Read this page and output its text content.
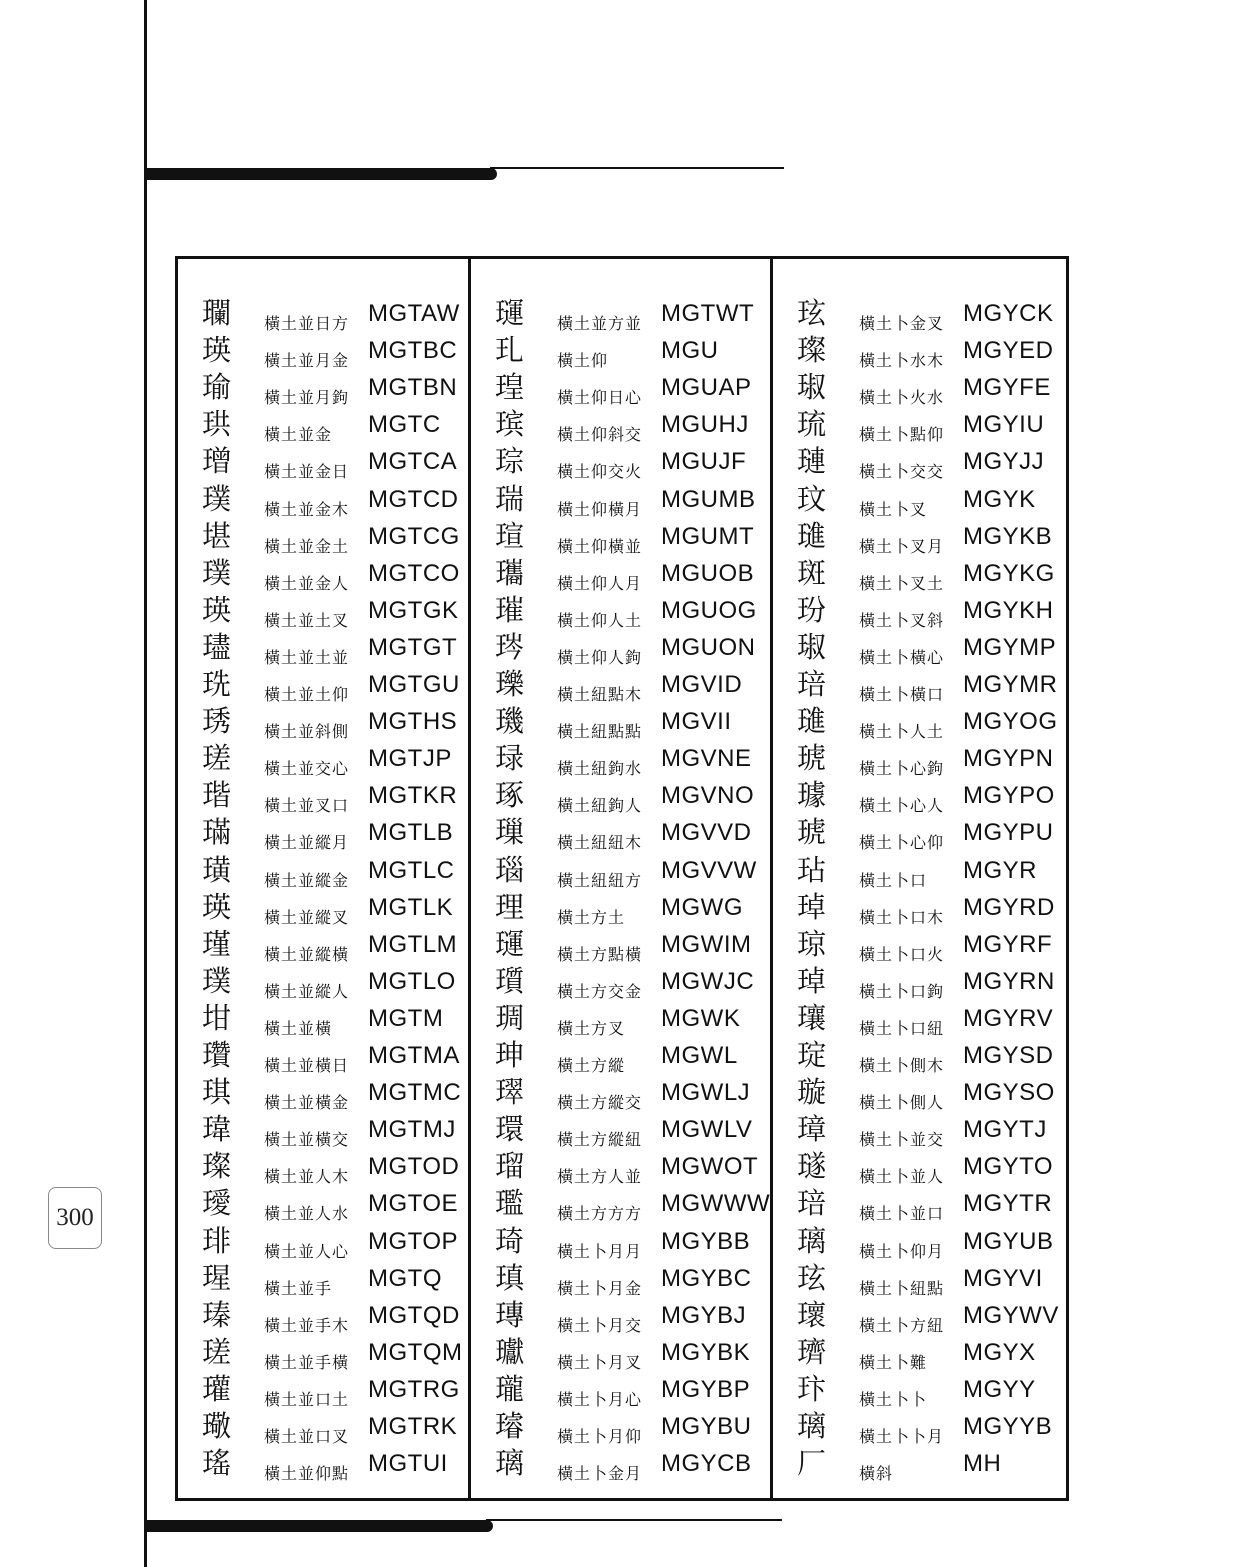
300
瓓 橫土並日方 MGTAW
瑛 橫土並月金 MGTBC
瑜 橫土並月鉤 MGTBN
珙 橫土並金 MGTC
璔 橫土並金日 MGTCA
璞 橫土並金木 MGTCD
堪 橫土並金土 MGTCG
璞 橫土並金人 MGTCO
瑛 橫土並土叉 MGTGK
璶 橫土並土並 MGTGT
珗 橫土並土仰 MGTGU
琇 橫土並斜側 MGTHS
瑳 橫土並交心 MGTJP
瑎 橫土並叉口 MGTKR
璊 橫土並縱月 MGTLB
璜 橫土並縱金 MGTLC
瑛 橫土並縱叉 MGTLK
瑾 橫土並縱橫 MGTLM
璞 橫土並縱人 MGTLO
坩 橫土並橫 MGTM
瓚 橫土並橫日 MGTMA
琪 橫土並橫金 MGTMC
瑋 橫土並橫交 MGTMJ
璨 橫土並人木 MGTOD
璦 橫土並人水 MGTOE
琲 橫土並人心 MGTOP
瑆 橫土並手 MGTQ
瑧 橫土並手木 MGTQD
瑳 橫土並手橫 MGTQM
瓘 橫土並口土 MGTRG
璥 橫土並口叉 MGTRK
瑤 橫土並仰點 MGTUI
璭 橫土並方並 MGTWT
玌 橫土仰 MGU
瑝 橫土仰日心 MGUAP
瑸 橫土仰斜交 MGUHJ
琮 橫土仰交火 MGUJF
瑞 橫土仰橫月 MGUMB
瑄 橫土仰橫並 MGUMT
瓗 橫土仰人月 MGUOB
璀 橫土仰人土 MGUOG
琌 橫土仰人鉤 MGUON
瓅 橫土紐點木 MGVID
璣 橫土紐點點 MGVII
琭 橫土紐鉤水 MGVNE
琢 橫土紐鉤人 MGVNO
璅 橫土紐紐木 MGVVD
瑙 橫土紐紐方 MGVVW
理 橫土方土 MGWG
璭 橫土方點橫 MGWIM
瓆 橫土方交金 MGWJC
琱 橫土方叉 MGWK
珅 橫土方縱 MGWL
璻 橫土方縱交 MGWLJ
環 橫土方縱紐 MGWLV
瑠 橫土方人並 MGWOT
璼 橫土方方方 MGWWW
琦 橫土卜月月 MGYBB
瑱 橫土卜月金 MGYBC
瑼 橫土卜月交 MGYBJ
瓛 橫土卜月叉 MGYBK
瓏 橫土卜月心 MGYBP
璿 橫土卜月仰 MGYBU
璃 橫土卜金月 MGYCB
玹 橫土卜金叉 MGYCK
璨 橫土卜水木 MGYED
琡 橫土卜火水 MGYFE
琉 橫土卜點仰 MGYIU
璉 橫土卜交交 MGYJJ
玟 橫土卜叉 MGYK
璡 橫土卜叉月 MGYKB
斑 橫土卜叉土 MGYKG
玢 橫土卜叉斜 MGYKH
琡 橫土卜橫心 MGYMP
琣 橫土卜橫口 MGYMR
璡 橫土卜人土 MGYOG
琥 橫土卜心鉤 MGYPN
璩 橫土卜心人 MGYPO
琥 橫土卜心仰 MGYPU
玷 橫土卜口 MGYR
琸 橫土卜口木 MGYRD
琼 橫土卜口火 MGYRF
琸 橫土卜口鉤 MGYRN
瓖 橫土卜口紐 MGYRV
琔 橫土卜側木 MGYSD
璇 橫土卜側人 MGYSO
璋 橫土卜並交 MGYTJ
璲 橫土卜並人 MGYTO
琣 橫土卜並口 MGYTR
璃 橫土卜仰月 MGYUB
玹 橫土卜紐點 MGYVI
瓌 橫土卜方紐 MGYWV
璾 橫土卜難 MGYX
玣 橫土卜卜 MGYY
璃 橫土卜卜月 MGYYB
厂 橫斜	MH
